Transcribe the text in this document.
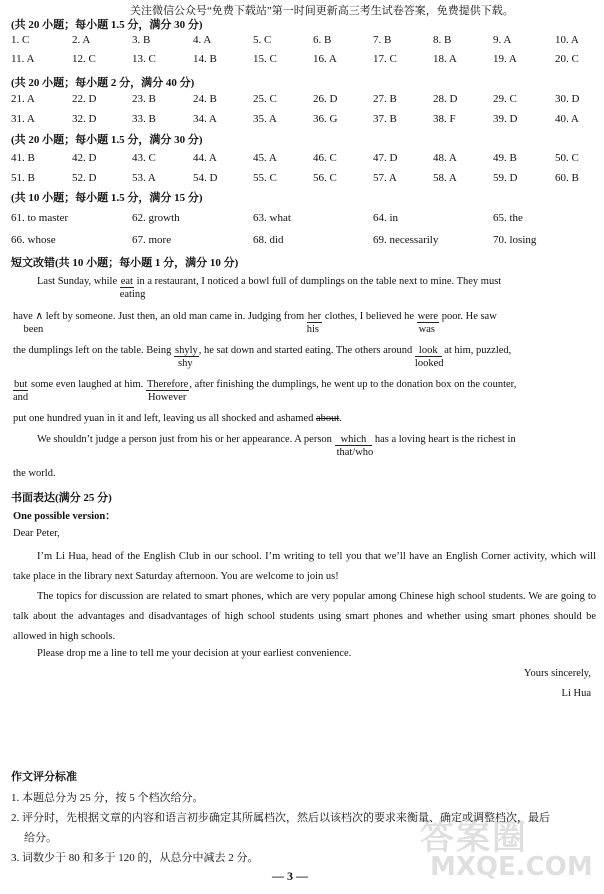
关注微信公众号“免费下载站”第一时间更新高三考生试卷答案，免费提供下载。
(共 20 小题；每小题 1.5 分，满分 30 分)
1. C	2. A	3. B	4. A	5. C	6. B	7. B	8. B	9. A	10. A
11. A	12. C	13. C	14. B	15. C	16. A	17. C	18. A	19. A	20. C
(共 20 小题；每小题 2 分，满分 40 分)
21. A	22. D	23. B	24. B	25. C	26. D	27. B	28. D	29. C	30. D
31. A	32. D	33. B	34. A	35. A	36. G	37. B	38. F	39. D	40. A
(共 20 小题；每小题 1.5 分，满分 30 分)
41. B	42. D	43. C	44. A	45. A	46. C	47. D	48. A	49. B	50. C
51. B	52. D	53. A	54. D	55. C	56. C	57. A	58. A	59. D	60. B
(共 10 小题；每小题 1.5 分，满分 15 分)
61. to master	62. growth	63. what	64. in	65. the
66. whose	67. more	68. did	69. necessarily	70. losing
短文改错(共 10 小题；每小题 1 分，满分 10 分)
Last Sunday, while eat
eating
in a restaurant, I noticed a bowl full of dumplings on the table next to mine. They must
have ∧
been
left by someone. Just then, an old man came in. Judging from her
his
clothes, I believed he were
was
poor. He saw
the dumplings left on the table. Being shyly
shy
, he sat down and started eating. The others around look
looked
at him, puzzled,
but
and
some even laughed at him. Therefore
However
, after finishing the dumplings, he went up to the donation box on the counter,
put one hundred yuan in it and left, leaving us all shocked and ashamed about.
We shouldn’t judge a person just from his or her appearance. A person which
that/who
has a loving heart is the richest in
the world.
书面表达(满分 25 分)
One possible version：
Dear Peter,
I’m Li Hua, head of the English Club in our school. I’m writing to tell you that we’ll have an English Corner activity, which will take place in the library next Saturday afternoon. You are welcome to join us!
The topics for discussion are related to smart phones, which are very popular among Chinese high school students. We are going to talk about the advantages and disadvantages of high school students using smart phones and whether using smart phones should be allowed in high schools.
Please drop me a line to tell me your decision at your earliest convenience.
Yours sincerely,
Li Hua
作文评分标准
1. 本题总分为 25 分，按 5 个档次给分。
2. 评分时，先根据文章的内容和语言初步确定其所属档次，然后以该档次的要求来衡量、确定或调整档次，最后
给分。
3. 词数少于 80 和多于 120 的，从总分中减去 2 分。
— 3 —
答案圈
MXQE.COM
